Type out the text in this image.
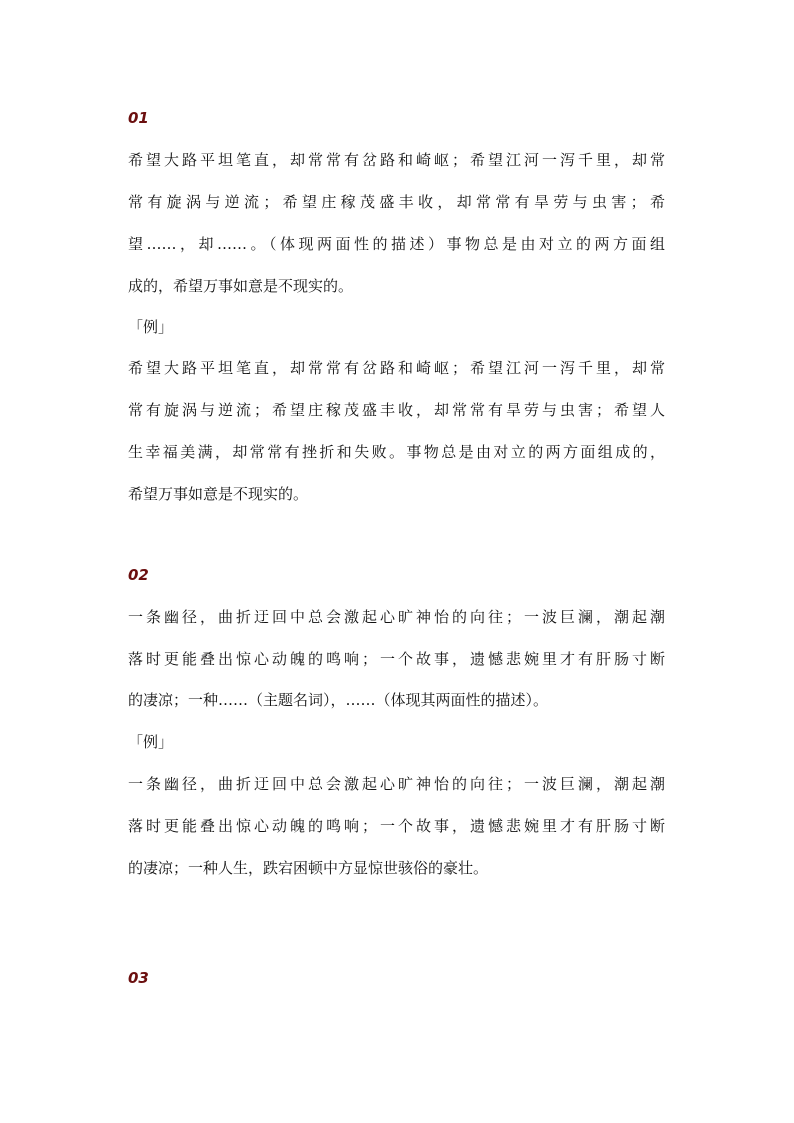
01
希望大路平坦笔直，却常常有岔路和崎岖；希望江河一泻千里，却常
常有旋涡与逆流；希望庄稼茂盛丰收，却常常有旱劳与虫害；希
望……，却……。（体现两面性的描述）事物总是由对立的两方面组
成的，希望万事如意是不现实的。
「例」
希望大路平坦笔直，却常常有岔路和崎岖；希望江河一泻千里，却常
常有旋涡与逆流；希望庄稼茂盛丰收，却常常有旱劳与虫害；希望人
生幸福美满，却常常有挫折和失败。事物总是由对立的两方面组成的，
希望万事如意是不现实的。
02
一条幽径，曲折迂回中总会激起心旷神怡的向往；一波巨澜，潮起潮
落时更能叠出惊心动魄的鸣响；一个故事，遗憾悲婉里才有肝肠寸断
的凄凉；一种……（主题名词），……（体现其两面性的描述）。
「例」
一条幽径，曲折迂回中总会激起心旷神怡的向往；一波巨澜，潮起潮
落时更能叠出惊心动魄的鸣响；一个故事，遗憾悲婉里才有肝肠寸断
的凄凉；一种人生，跌宕困顿中方显惊世骇俗的豪壮。
03
